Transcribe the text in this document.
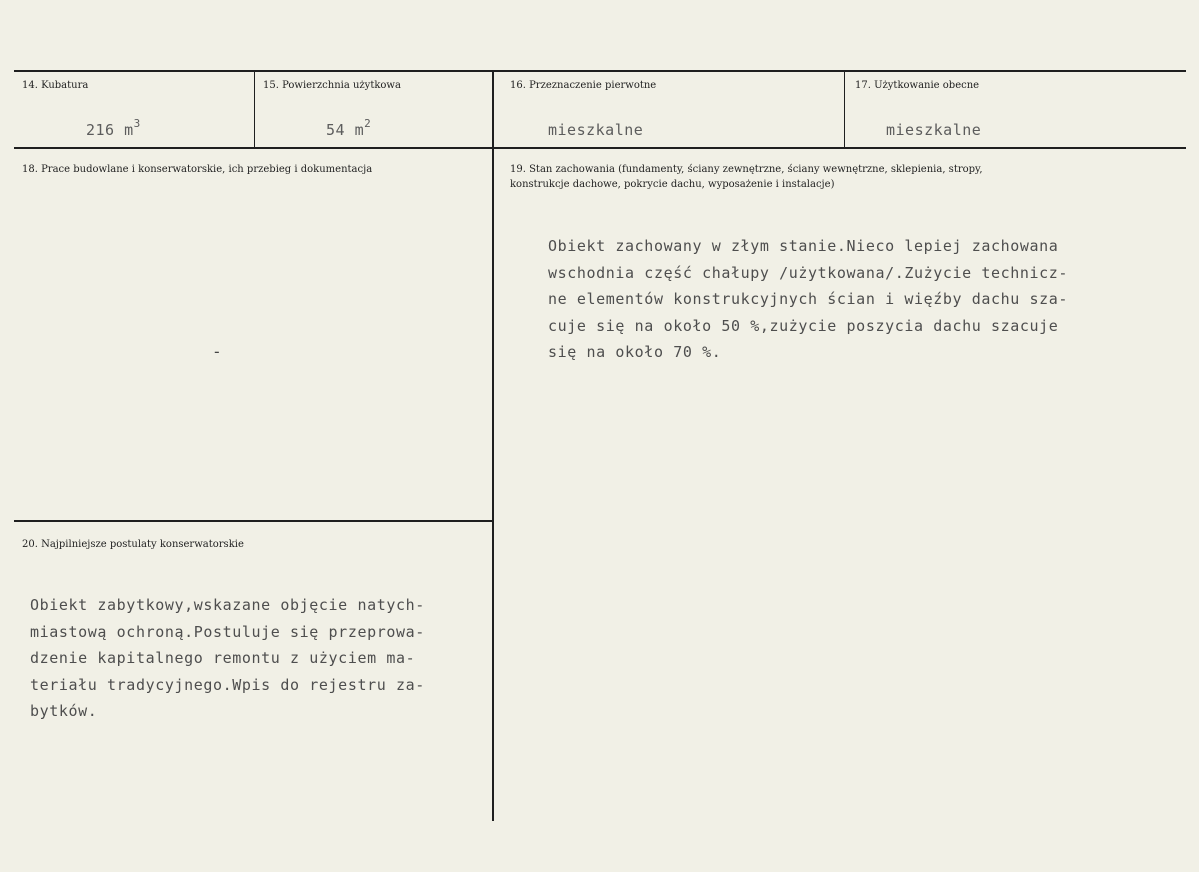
14. Kubatura
216 $m^3$
15. Powierzchnia użytkowa
54 $m^2$
16. Przeznaczenie pierwotne
mieszkalne
17. Użytkowanie obecne
mieszkalne
18. Prace budowlane i konserwatorskie, ich przebieg i dokumentacja
-
19. Stan zachowania (fundamenty, ściany zewnętrzne, ściany wewnętrzne, sklepienia, stropy,
konstrukcje dachowe, pokrycie dachu, wyposażenie i instalacje)
Obiekt zachowany w złym stanie.Nieco lepiej zachowana
wschodnia część chałupy /użytkowana/.Zużycie technicz-
ne elementów konstrukcyjnych ścian i więźby dachu sza-
cuje się na około 50 %,zużycie poszycia dachu szacuje
się na około 70 %.
20. Najpilniejsze postulaty konserwatorskie
Obiekt zabytkowy,wskazane objęcie natych-
miastową ochroną.Postuluje się przeprowa-
dzenie kapitalnego remontu z użyciem ma-
teriału tradycyjnego.Wpis do rejestru za-
bytków.
